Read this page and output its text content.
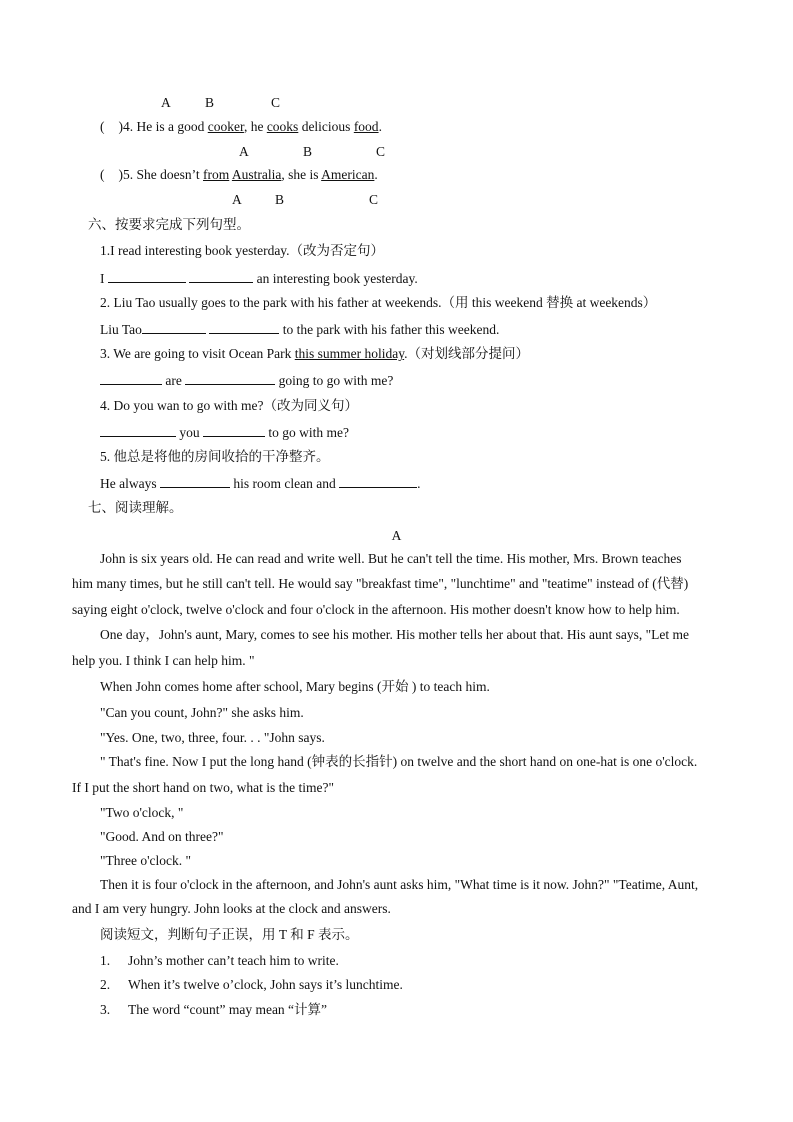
A	B	C
( )4. He is a good cooker, he cooks delicious food.
A	B	C
( )5. She doesn’t from Australia, she is American.
A B	C
六、按要求完成下列句型。
1.I read interesting book yesterday.（改为否定句）
I	an interesting book yesterday.
2. Liu Tao usually goes to the park with his father at weekends.（用 this weekend 替换 at weekends）
Liu Tao	to the park with his father this weekend.
3. We are going to visit Ocean Park this summer holiday.（对划线部分提问）
are	going to go with me?
4. Do you wan to go with me?（改为同义句）
you	to go with me?
5. 他总是将他的房间收拾的干净整齐。
He always	his room clean and	.
七、阅读理解。
A
John is six years old. He can read and write well. But he can't tell the time. His mother, Mrs. Brown teaches
him many times, but he still can't tell. He would say "breakfast time", "lunchtime" and "teatime" instead of (代替)
saying eight o'clock, twelve o'clock and four o'clock in the afternoon. His mother doesn't know how to help him.
One day，John's aunt, Mary, comes to see his mother. His mother tells her about that. His aunt says, "Let me
help you. I think I can help him. "
When John comes home after school, Mary begins (开始 ) to teach him.
"Can you count, John?" she asks him.
"Yes. One, two, three, four. . . "John says.
" That's fine. Now I put the long hand (钟表的长指针) on twelve and the short hand on one-hat is one o'clock.
If I put the short hand on two, what is the time?"
"Two o'clock, "
"Good. And on three?"
"Three o'clock. "
Then it is four o'clock in the afternoon, and John's aunt asks him, "What time is it now. John?" "Teatime, Aunt,
and I am very hungry. John looks at the clock and answers.
阅读短文，判断句子正误，用 T 和 F 表示。
1. John’s mother can’t teach him to write.
2. When it’s twelve o’clock, John says it’s lunchtime.
3. The word “count” may mean “计算”
